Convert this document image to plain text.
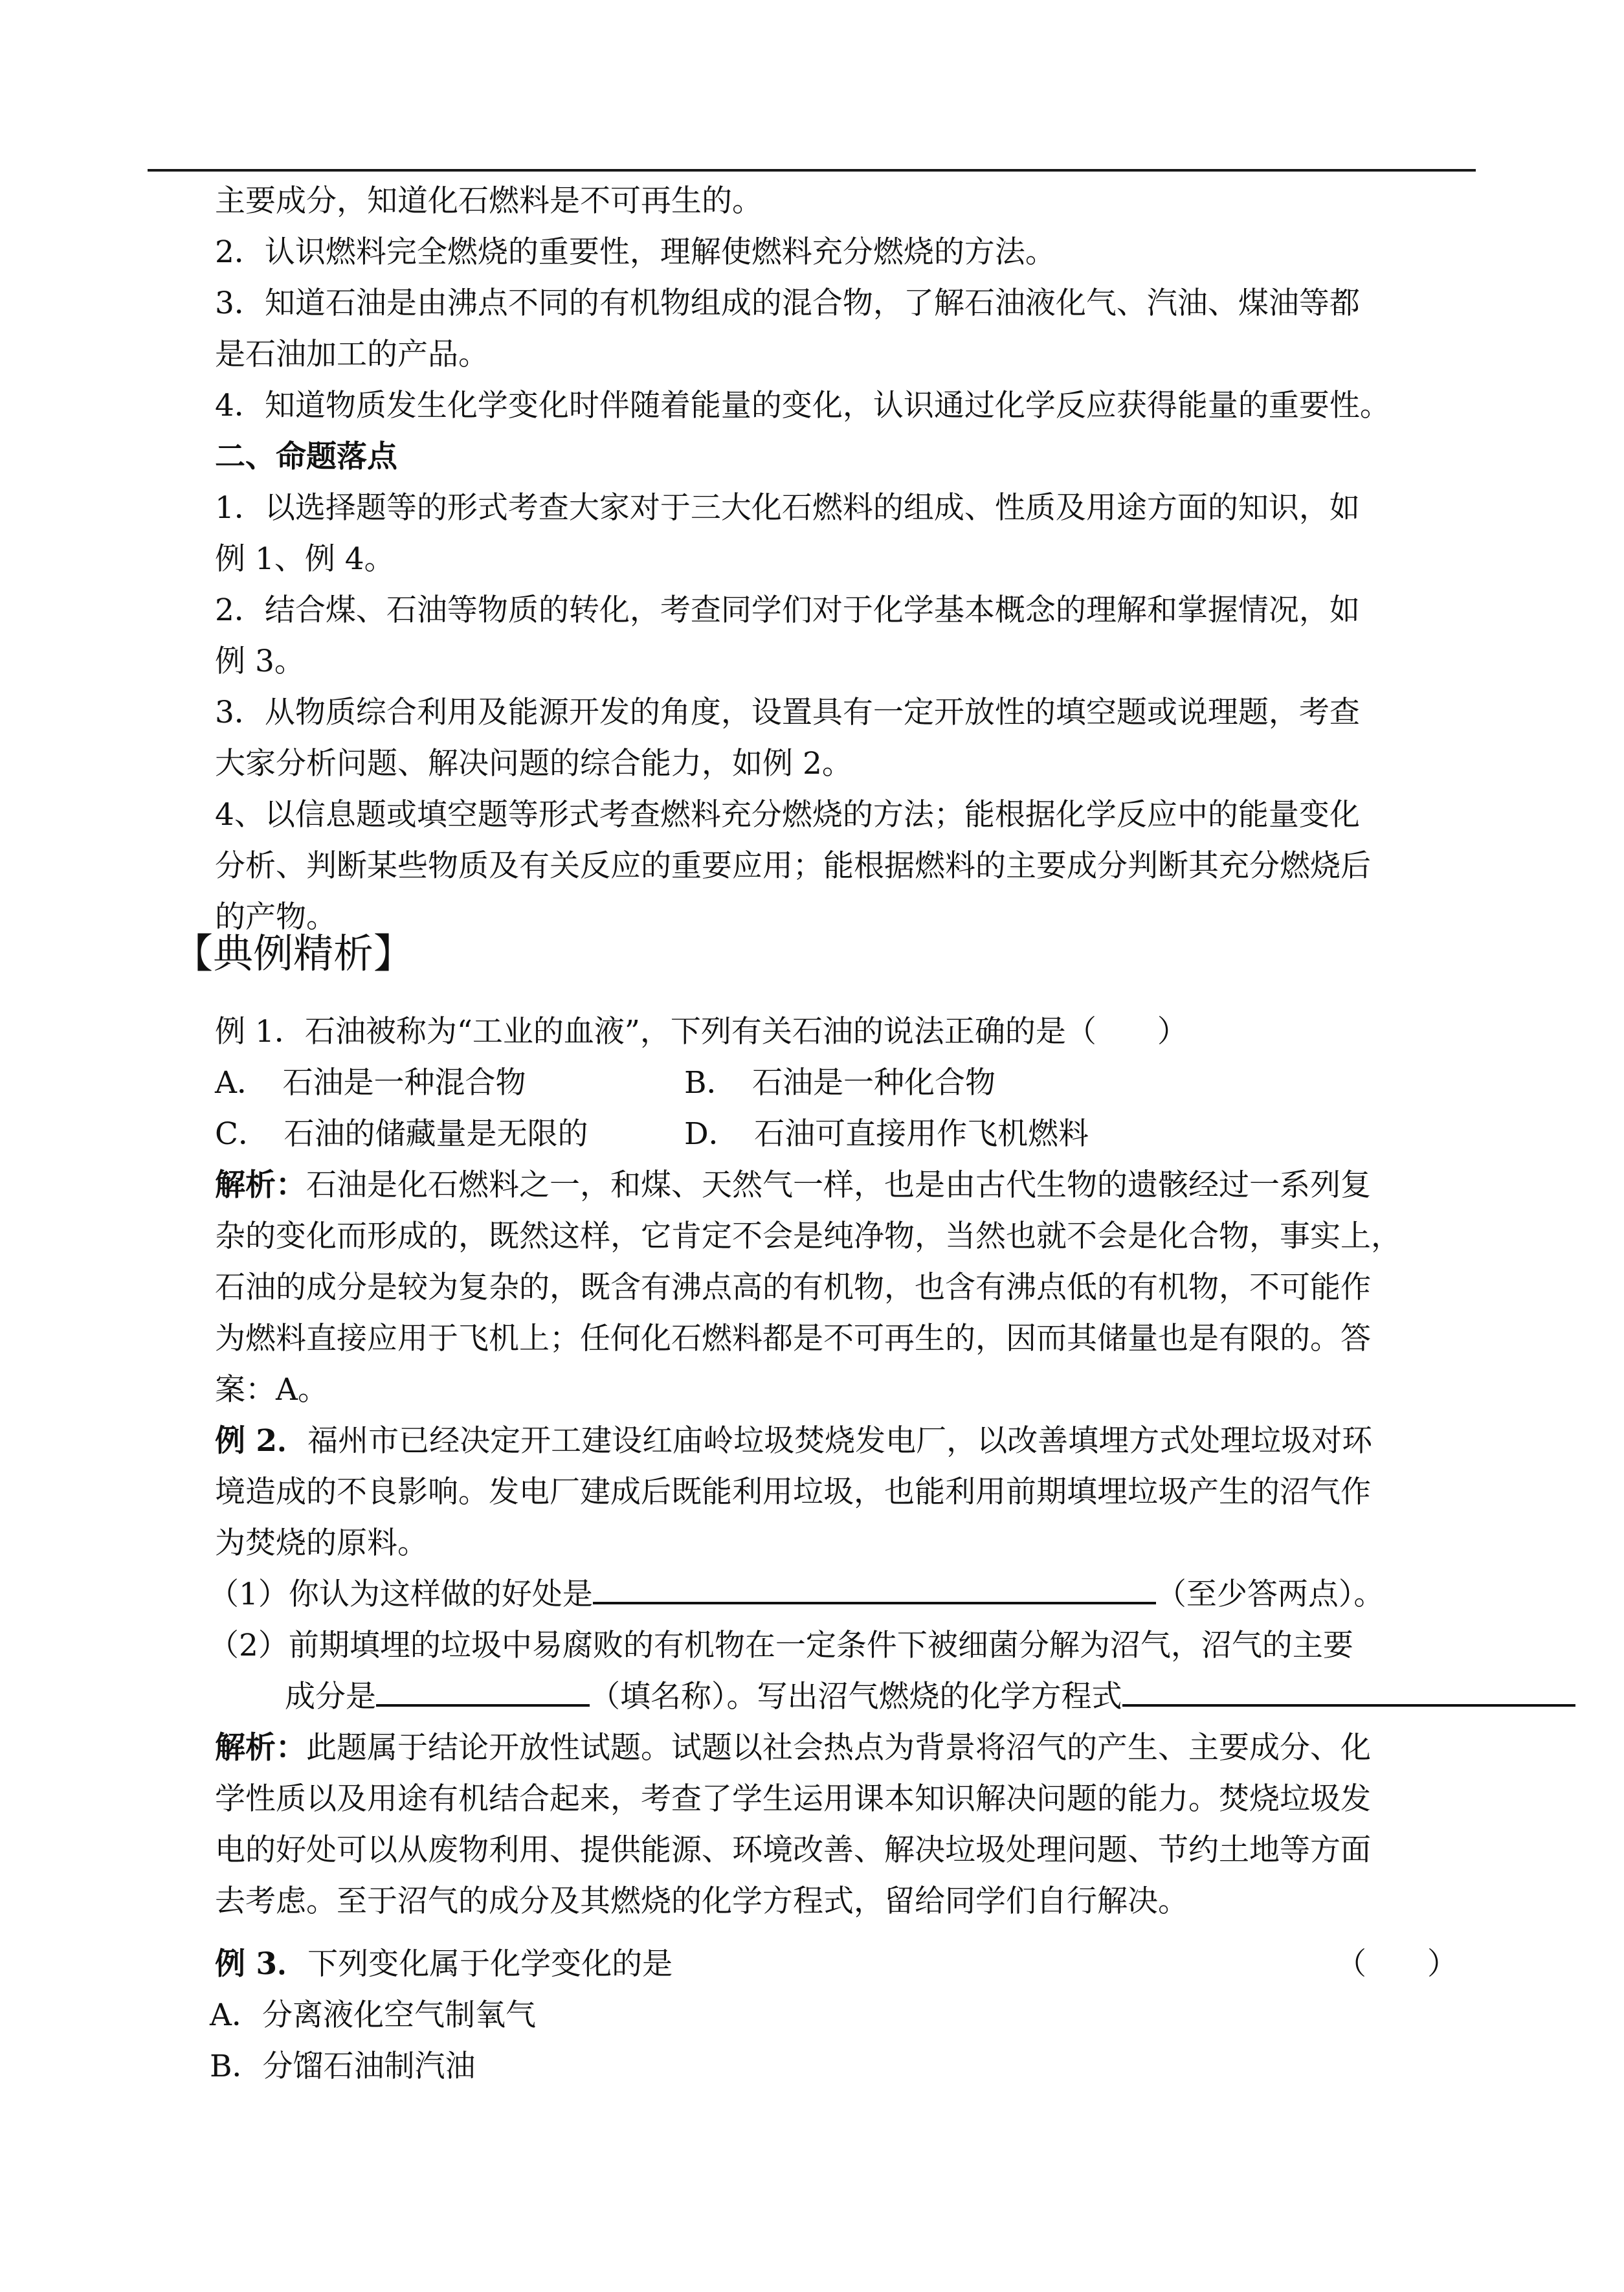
主要成分，知道化石燃料是不可再生的。
2．认识燃料完全燃烧的重要性，理解使燃料充分燃烧的方法。
3．知道石油是由沸点不同的有机物组成的混合物，了解石油液化气、汽油、煤油等都
是石油加工的产品。
4．知道物质发生化学变化时伴随着能量的变化，认识通过化学反应获得能量的重要性。
二、命题落点
1．以选择题等的形式考查大家对于三大化石燃料的组成、性质及用途方面的知识，如
例 1、例 4。
2．结合煤、石油等物质的转化，考查同学们对于化学基本概念的理解和掌握情况，如
例 3。
3．从物质综合利用及能源开发的角度，设置具有一定开放性的填空题或说理题，考查
大家分析问题、解决问题的综合能力，如例 2。
4、以信息题或填空题等形式考查燃料充分燃烧的方法；能根据化学反应中的能量变化
分析、判断某些物质及有关反应的重要应用；能根据燃料的主要成分判断其充分燃烧后
的产物。
【典例精析】
例 1．石油被称为“工业的血液”，下列有关石油的说法正确的是（　　）
A．　石油是一种混合物	B．　石油是一种化合物
C．　石油的储藏量是无限的	D．　石油可直接用作飞机燃料
解析：石油是化石燃料之一，和煤、天然气一样，也是由古代生物的遗骸经过一系列复
杂的变化而形成的，既然这样，它肯定不会是纯净物，当然也就不会是化合物，事实上，
石油的成分是较为复杂的，既含有沸点高的有机物，也含有沸点低的有机物，不可能作
为燃料直接应用于飞机上；任何化石燃料都是不可再生的，因而其储量也是有限的。答
案：A。
例 2．福州市已经决定开工建设红庙岭垃圾焚烧发电厂，以改善填埋方式处理垃圾对环
境造成的不良影响。发电厂建成后既能利用垃圾，也能利用前期填埋垃圾产生的沼气作
为焚烧的原料。
（1）你认为这样做的好处是	（至少答两点）。
（2）前期填埋的垃圾中易腐败的有机物在一定条件下被细菌分解为沼气，沼气的主要
成分是	（填名称）。写出沼气燃烧的化学方程式
解析：此题属于结论开放性试题。试题以社会热点为背景将沼气的产生、主要成分、化
学性质以及用途有机结合起来，考查了学生运用课本知识解决问题的能力。焚烧垃圾发
电的好处可以从废物利用、提供能源、环境改善、解决垃圾处理问题、节约土地等方面
去考虑。至于沼气的成分及其燃烧的化学方程式，留给同学们自行解决。
例 3．下列变化属于化学变化的是	（　　）
A．分离液化空气制氧气
B．分馏石油制汽油
